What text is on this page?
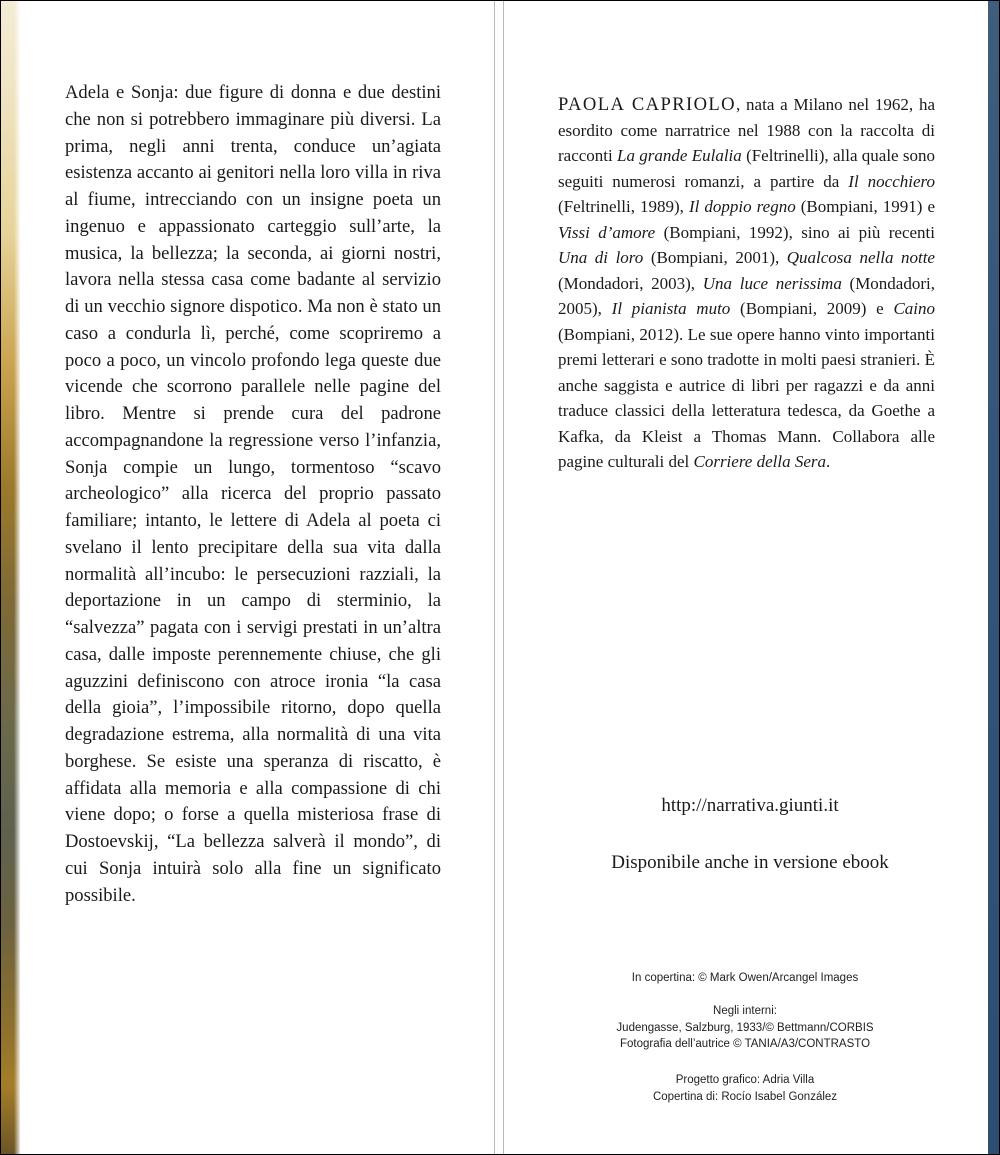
Adela e Sonja: due figure di donna e due destini che non si potrebbero immaginare più diversi. La prima, negli anni trenta, conduce un’agiata esistenza accanto ai genitori nella loro villa in riva al fiume, intrecciando con un insigne poeta un ingenuo e appassionato carteggio sull’arte, la musica, la bellezza; la seconda, ai giorni nostri, lavora nella stessa casa come badante al servizio di un vecchio signore dispotico. Ma non è stato un caso a condurla lì, perché, come scopriremo a poco a poco, un vincolo profondo lega queste due vicende che scorrono parallele nelle pagine del libro. Mentre si prende cura del padrone accompagnandone la regressione verso l’infanzia, Sonja compie un lungo, tormentoso “scavo archeologico” alla ricerca del proprio passato familiare; intanto, le lettere di Adela al poeta ci svelano il lento precipitare della sua vita dalla normalità all’incubo: le persecuzioni razziali, la deportazione in un campo di sterminio, la “salvezza” pagata con i servigi prestati in un’altra casa, dalle imposte perennemente chiuse, che gli aguzzini definiscono con atroce ironia “la casa della gioia”, l’impossibile ritorno, dopo quella degradazione estrema, alla normalità di una vita borghese. Se esiste una speranza di riscatto, è affidata alla memoria e alla compassione di chi viene dopo; o forse a quella misteriosa frase di Dostoevskij, “La bellezza salverà il mondo”, di cui Sonja intuirà solo alla fine un significato possibile.
PAOLA CAPRIOLO, nata a Milano nel 1962, ha esordito come narratrice nel 1988 con la raccolta di racconti La grande Eulalia (Feltrinelli), alla quale sono seguiti numerosi romanzi, a partire da Il nocchiero (Feltrinelli, 1989), Il doppio regno (Bompiani, 1991) e Vissi d’amore (Bompiani, 1992), sino ai più recenti Una di loro (Bompiani, 2001), Qualcosa nella notte (Mondadori, 2003), Una luce nerissima (Mondadori, 2005), Il pianista muto (Bompiani, 2009) e Caino (Bompiani, 2012). Le sue opere hanno vinto importanti premi letterari e sono tradotte in molti paesi stranieri. È anche saggista e autrice di libri per ragazzi e da anni traduce classici della letteratura tedesca, da Goethe a Kafka, da Kleist a Thomas Mann. Collabora alle pagine culturali del Corriere della Sera.
http://narrativa.giunti.it
Disponibile anche in versione ebook
In copertina: © Mark Owen/Arcangel Images
Negli interni:
Judengasse, Salzburg, 1933/© Bettmann/CORBIS
Fotografia dell’autrice © TANIA/A3/CONTRASTO
Progetto grafico: Adria Villa
Copertina di: Rocío Isabel González
